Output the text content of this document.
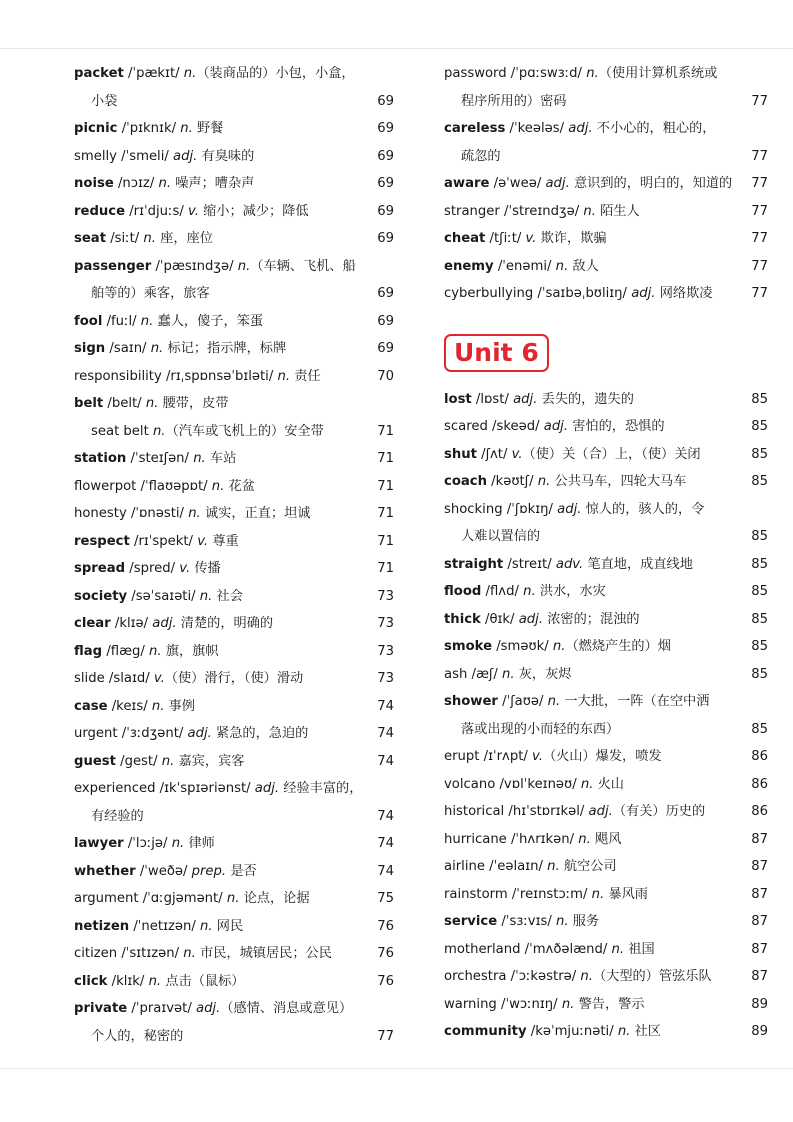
packet /ˈpækɪt/ n.（装商品的）小包，小盒，
小袋	69
picnic /ˈpɪknɪk/ n. 野餐	69
smelly /ˈsmeli/ adj. 有臭味的	69
noise /nɔɪz/ n. 噪声；嘈杂声	69
reduce /rɪˈdjuːs/ v. 缩小；减少；降低	69
seat /siːt/ n. 座，座位	69
passenger /ˈpæsɪndʒə/ n.（车辆、飞机、船
舶等的）乘客，旅客	69
fool /fuːl/ n. 蠢人，傻子，笨蛋	69
sign /saɪn/ n. 标记；指示牌，标牌	69
responsibility /rɪˌspɒnsəˈbɪləti/ n. 责任	70
belt /belt/ n. 腰带，皮带
seat belt n.（汽车或飞机上的）安全带	71
station /ˈsteɪʃən/ n. 车站	71
flowerpot /ˈflaʊəpɒt/ n. 花盆	71
honesty /ˈɒnəsti/ n. 诚实，正直；坦诚	71
respect /rɪˈspekt/ v. 尊重	71
spread /spred/ v. 传播	71
society /səˈsaɪəti/ n. 社会	73
clear /klɪə/ adj. 清楚的，明确的	73
flag /flæg/ n. 旗，旗帜	73
slide /slaɪd/ v.（使）滑行，（使）滑动	73
case /keɪs/ n. 事例	74
urgent /ˈɜːdʒənt/ adj. 紧急的，急迫的	74
guest /gest/ n. 嘉宾，宾客	74
experienced /ɪkˈspɪəriənst/ adj. 经验丰富的，
有经验的	74
lawyer /ˈlɔːjə/ n. 律师	74
whether /ˈweðə/ prep. 是否	74
argument /ˈɑːgjəmənt/ n. 论点，论据	75
netizen /ˈnetɪzən/ n. 网民	76
citizen /ˈsɪtɪzən/ n. 市民，城镇居民；公民	76
click /klɪk/ n. 点击（鼠标）	76
private /ˈpraɪvət/ adj.（感情、消息或意见）
个人的，秘密的	77
password /ˈpɑːswɜːd/ n.（使用计算机系统或
程序所用的）密码	77
careless /ˈkeələs/ adj. 不小心的，粗心的，
疏忽的	77
aware /əˈweə/ adj. 意识到的，明白的，知道的 77
stranger /ˈstreɪndʒə/ n. 陌生人	77
cheat /tʃiːt/ v. 欺诈，欺骗	77
enemy /ˈenəmi/ n. 敌人	77
cyberbullying /ˈsaɪbəˌbʊliɪŋ/ adj. 网络欺凌	77
Unit 6
lost /lɒst/ adj. 丢失的，遗失的	85
scared /skeəd/ adj. 害怕的，恐惧的	85
shut /ʃʌt/ v.（使）关（合）上，（使）关闭	85
coach /kəʊtʃ/ n. 公共马车，四轮大马车	85
shocking /ˈʃɒkɪŋ/ adj. 惊人的，骇人的，令
人难以置信的	85
straight /streɪt/ adv. 笔直地，成直线地	85
flood /flʌd/ n. 洪水，水灾	85
thick /θɪk/ adj. 浓密的；混浊的	85
smoke /sməʊk/ n.（燃烧产生的）烟	85
ash /æʃ/ n. 灰，灰烬	85
shower /ˈʃaʊə/ n. 一大批，一阵（在空中洒
落或出现的小而轻的东西）	85
erupt /ɪˈrʌpt/ v.（火山）爆发，喷发	86
volcano /vɒlˈkeɪnəʊ/ n. 火山	86
historical /hɪˈstɒrɪkəl/ adj.（有关）历史的	86
hurricane /ˈhʌrɪkən/ n. 飓风	87
airline /ˈeəlaɪn/ n. 航空公司	87
rainstorm /ˈreɪnstɔːm/ n. 暴风雨	87
service /ˈsɜːvɪs/ n. 服务	87
motherland /ˈmʌðəlænd/ n. 祖国	87
orchestra /ˈɔːkəstrə/ n.（大型的）管弦乐队	87
warning /ˈwɔːnɪŋ/ n. 警告，警示	89
community /kəˈmjuːnəti/ n. 社区	89
